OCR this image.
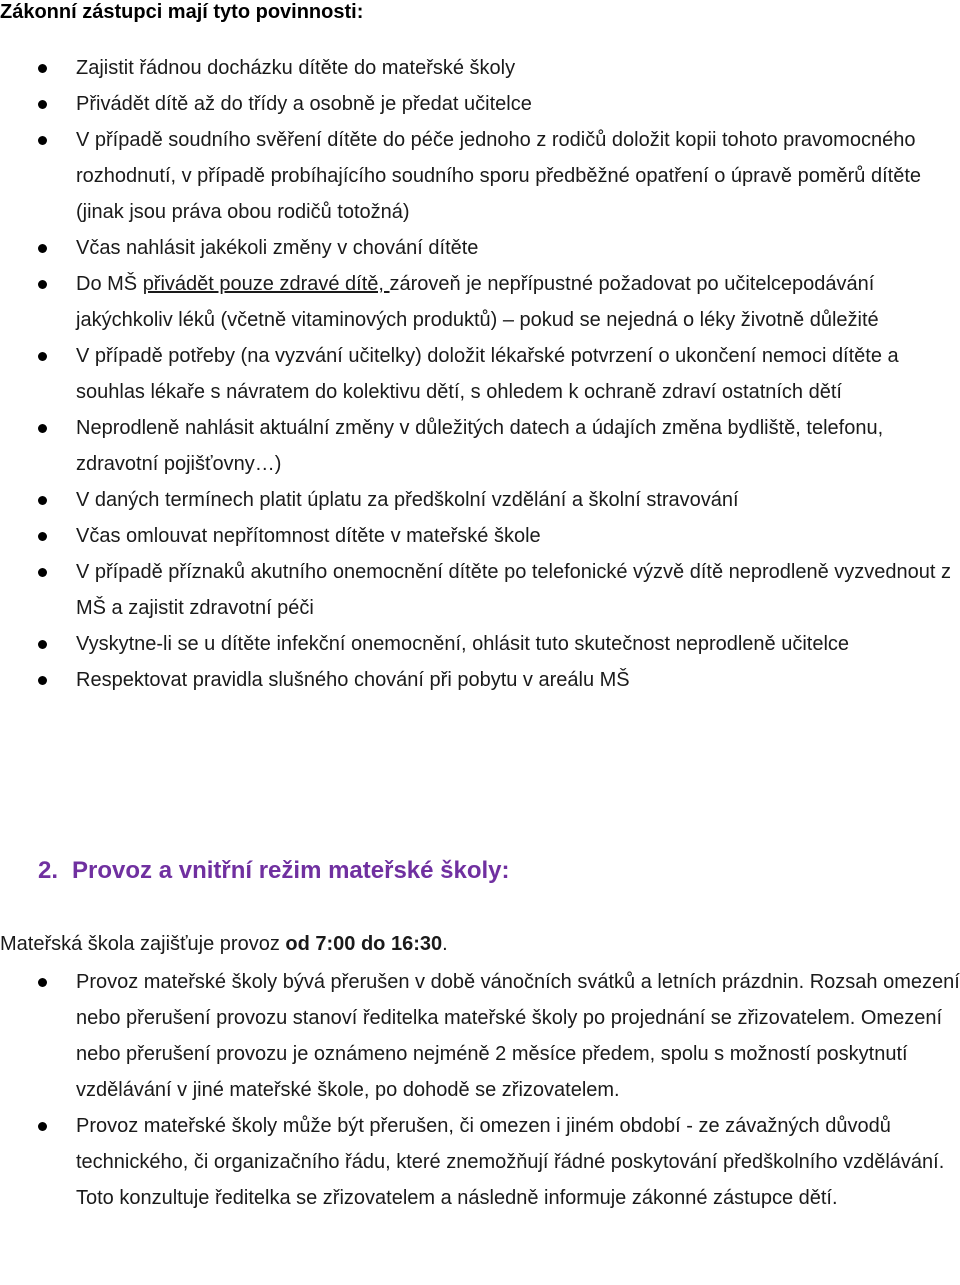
Zákonní zástupci mají tyto povinnosti:
Zajistit řádnou docházku dítěte do mateřské školy
Přivádět dítě až do třídy a osobně je předat učitelce
V případě soudního svěření dítěte do péče jednoho z rodičů doložit kopii tohoto pravomocného rozhodnutí, v případě probíhajícího soudního sporu předběžné opatření o úpravě poměrů dítěte (jinak jsou práva obou rodičů totožná)
Včas nahlásit jakékoli změny v chování dítěte
Do MŠ přivádět pouze zdravé dítě, zároveň je nepřípustné požadovat po učitelcepodávání jakýchkoliv léků (včetně vitaminových produktů) – pokud se nejedná o léky životně důležité
V případě potřeby (na vyzvání učitelky) doložit lékařské potvrzení o ukončení nemoci dítěte a souhlas lékaře s návratem do kolektivu dětí, s ohledem k ochraně zdraví ostatních dětí
Neprodleně nahlásit aktuální změny v důležitých datech a údajích změna bydliště, telefonu, zdravotní pojišťovny…)
V daných termínech platit úplatu za předškolní vzdělání a školní stravování
Včas omlouvat nepřítomnost dítěte v mateřské škole
V případě příznaků akutního onemocnění dítěte po telefonické výzvě dítě neprodleně vyzvednout z MŠ a zajistit zdravotní péči
Vyskytne-li se u dítěte infekční onemocnění, ohlásit tuto skutečnost neprodleně učitelce
Respektovat pravidla slušného chování při pobytu v areálu MŠ
2. Provoz a vnitřní režim mateřské školy:
Mateřská škola zajišťuje provoz od 7:00 do 16:30.
Provoz mateřské školy bývá přerušen v době vánočních svátků a letních prázdnin. Rozsah omezení nebo přerušení provozu stanoví ředitelka mateřské školy po projednání se zřizovatelem. Omezení nebo přerušení provozu je oznámeno nejméně 2 měsíce předem, spolu s možností poskytnutí vzdělávání v jiné mateřské škole, po dohodě se zřizovatelem.
Provoz mateřské školy může být přerušen, či omezen i jiném období - ze závažných důvodů technického, či organizačního řádu, které znemožňují řádné poskytování předškolního vzdělávání. Toto konzultuje ředitelka se zřizovatelem a následně informuje zákonné zástupce dětí.
